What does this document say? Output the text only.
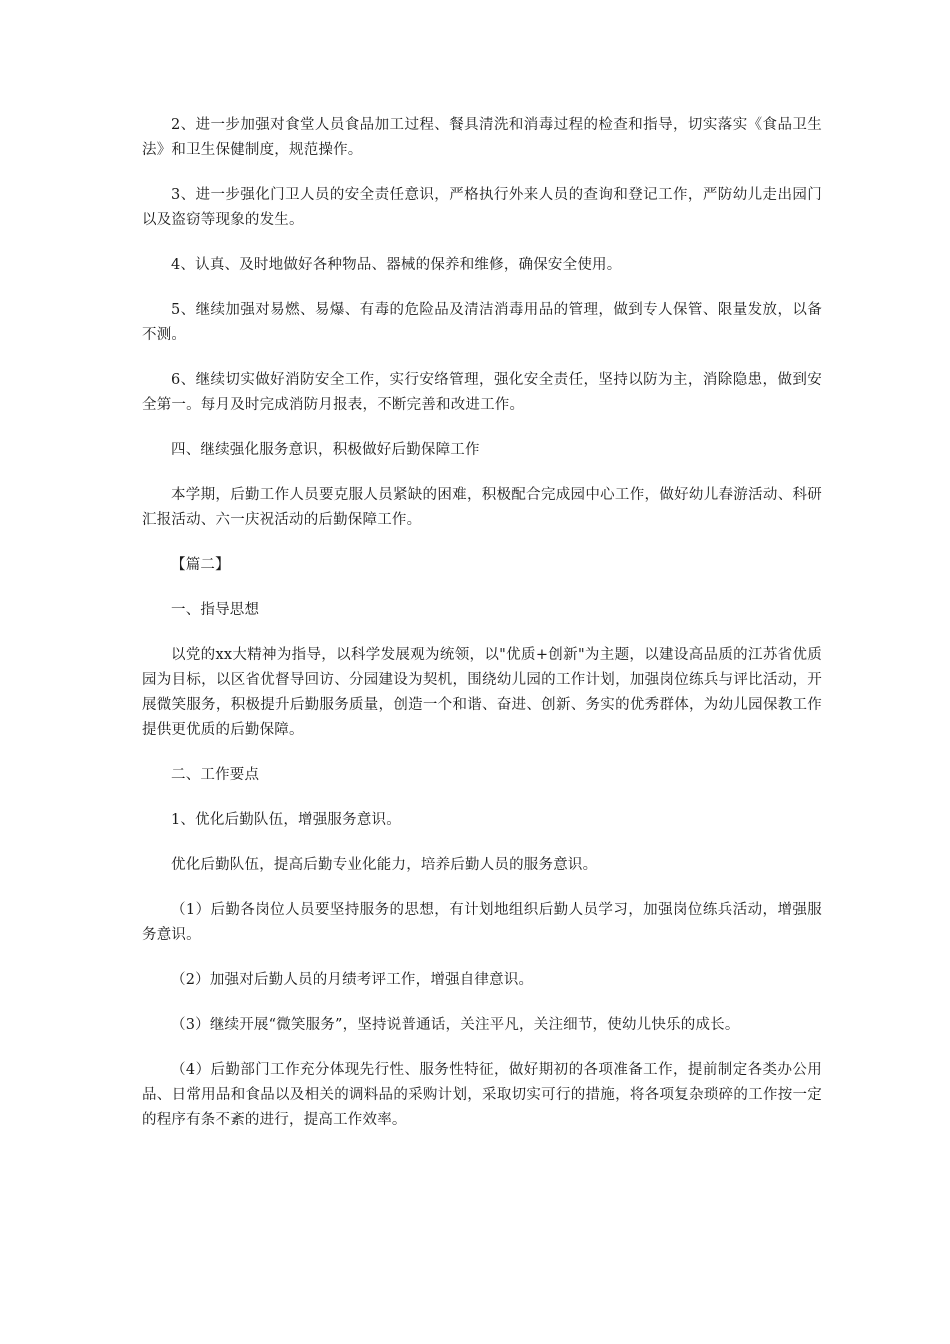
2、进一步加强对食堂人员食品加工过程、餐具清洗和消毒过程的检查和指导，切实落实《食品卫生法》和卫生保健制度，规范操作。

3、进一步强化门卫人员的安全责任意识，严格执行外来人员的查询和登记工作，严防幼儿走出园门以及盗窃等现象的发生。

4、认真、及时地做好各种物品、器械的保养和维修，确保安全使用。

5、继续加强对易燃、易爆、有毒的危险品及清洁消毒用品的管理，做到专人保管、限量发放，以备不测。

6、继续切实做好消防安全工作，实行安络管理，强化安全责任，坚持以防为主，消除隐患，做到安全第一。每月及时完成消防月报表，不断完善和改进工作。

四、继续强化服务意识，积极做好后勤保障工作

本学期，后勤工作人员要克服人员紧缺的困难，积极配合完成园中心工作，做好幼儿春游活动、科研汇报活动、六一庆祝活动的后勤保障工作。

【篇二】

一、指导思想

以党的xx大精神为指导，以科学发展观为统领，以"优质+创新"为主题，以建设高品质的江苏省优质园为目标，以区省优督导回访、分园建设为契机，围绕幼儿园的工作计划，加强岗位练兵与评比活动，开展微笑服务，积极提升后勤服务质量，创造一个和谐、奋进、创新、务实的优秀群体，为幼儿园保教工作提供更优质的后勤保障。

二、工作要点

1、优化后勤队伍，增强服务意识。

优化后勤队伍，提高后勤专业化能力，培养后勤人员的服务意识。

（1）后勤各岗位人员要坚持服务的思想，有计划地组织后勤人员学习，加强岗位练兵活动，增强服务意识。

（2）加强对后勤人员的月绩考评工作，增强自律意识。

（3）继续开展“微笑服务”，坚持说普通话，关注平凡，关注细节，使幼儿快乐的成长。

（4）后勤部门工作充分体现先行性、服务性特征，做好期初的各项准备工作，提前制定各类办公用品、日常用品和食品以及相关的调料品的采购计划，采取切实可行的措施，将各项复杂琐碎的工作按一定的程序有条不紊的进行，提高工作效率。
